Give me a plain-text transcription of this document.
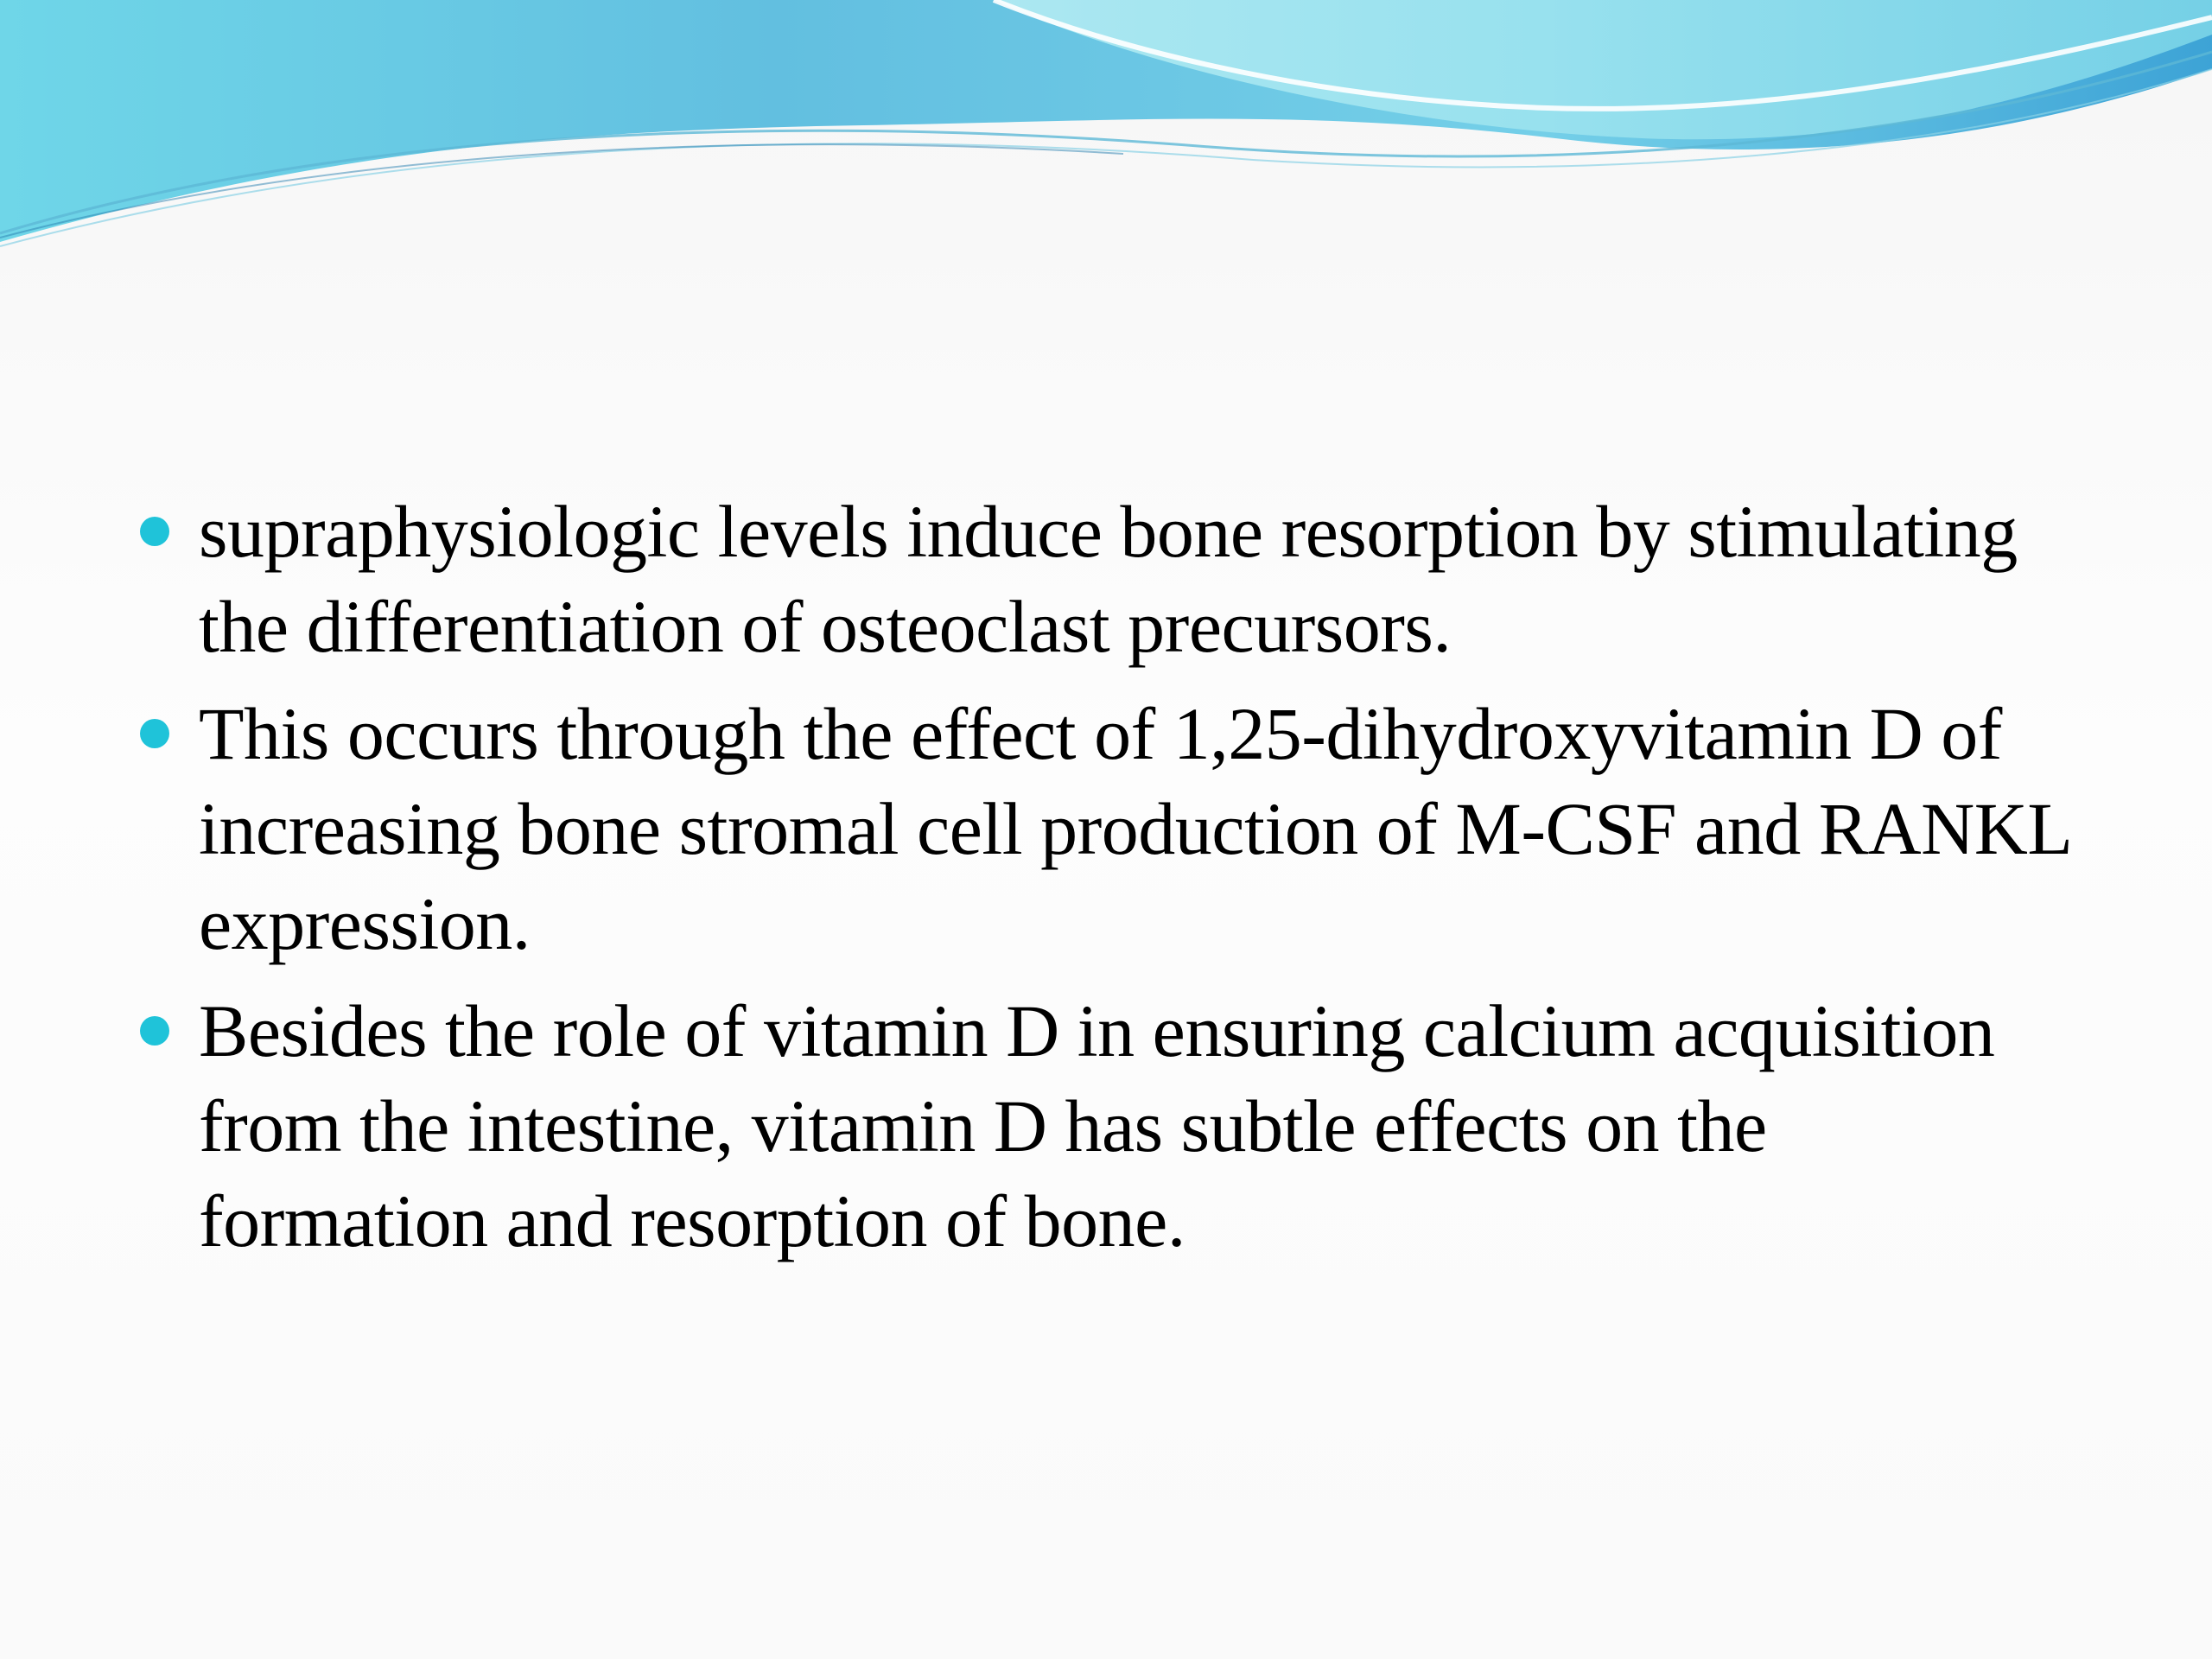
suprаphysiologic levels induce bone resorption by stimulating the differentiation of osteoclast precursors.
This occurs through the effect of 1,25-dihydroxyvitamin D of increasing bone stromal cell production of M-CSF and RANKL expression.
Besides the role of vitamin D in ensuring calcium acquisition from the intestine, vitamin D has subtle effects on the formation and resorption of bone.
